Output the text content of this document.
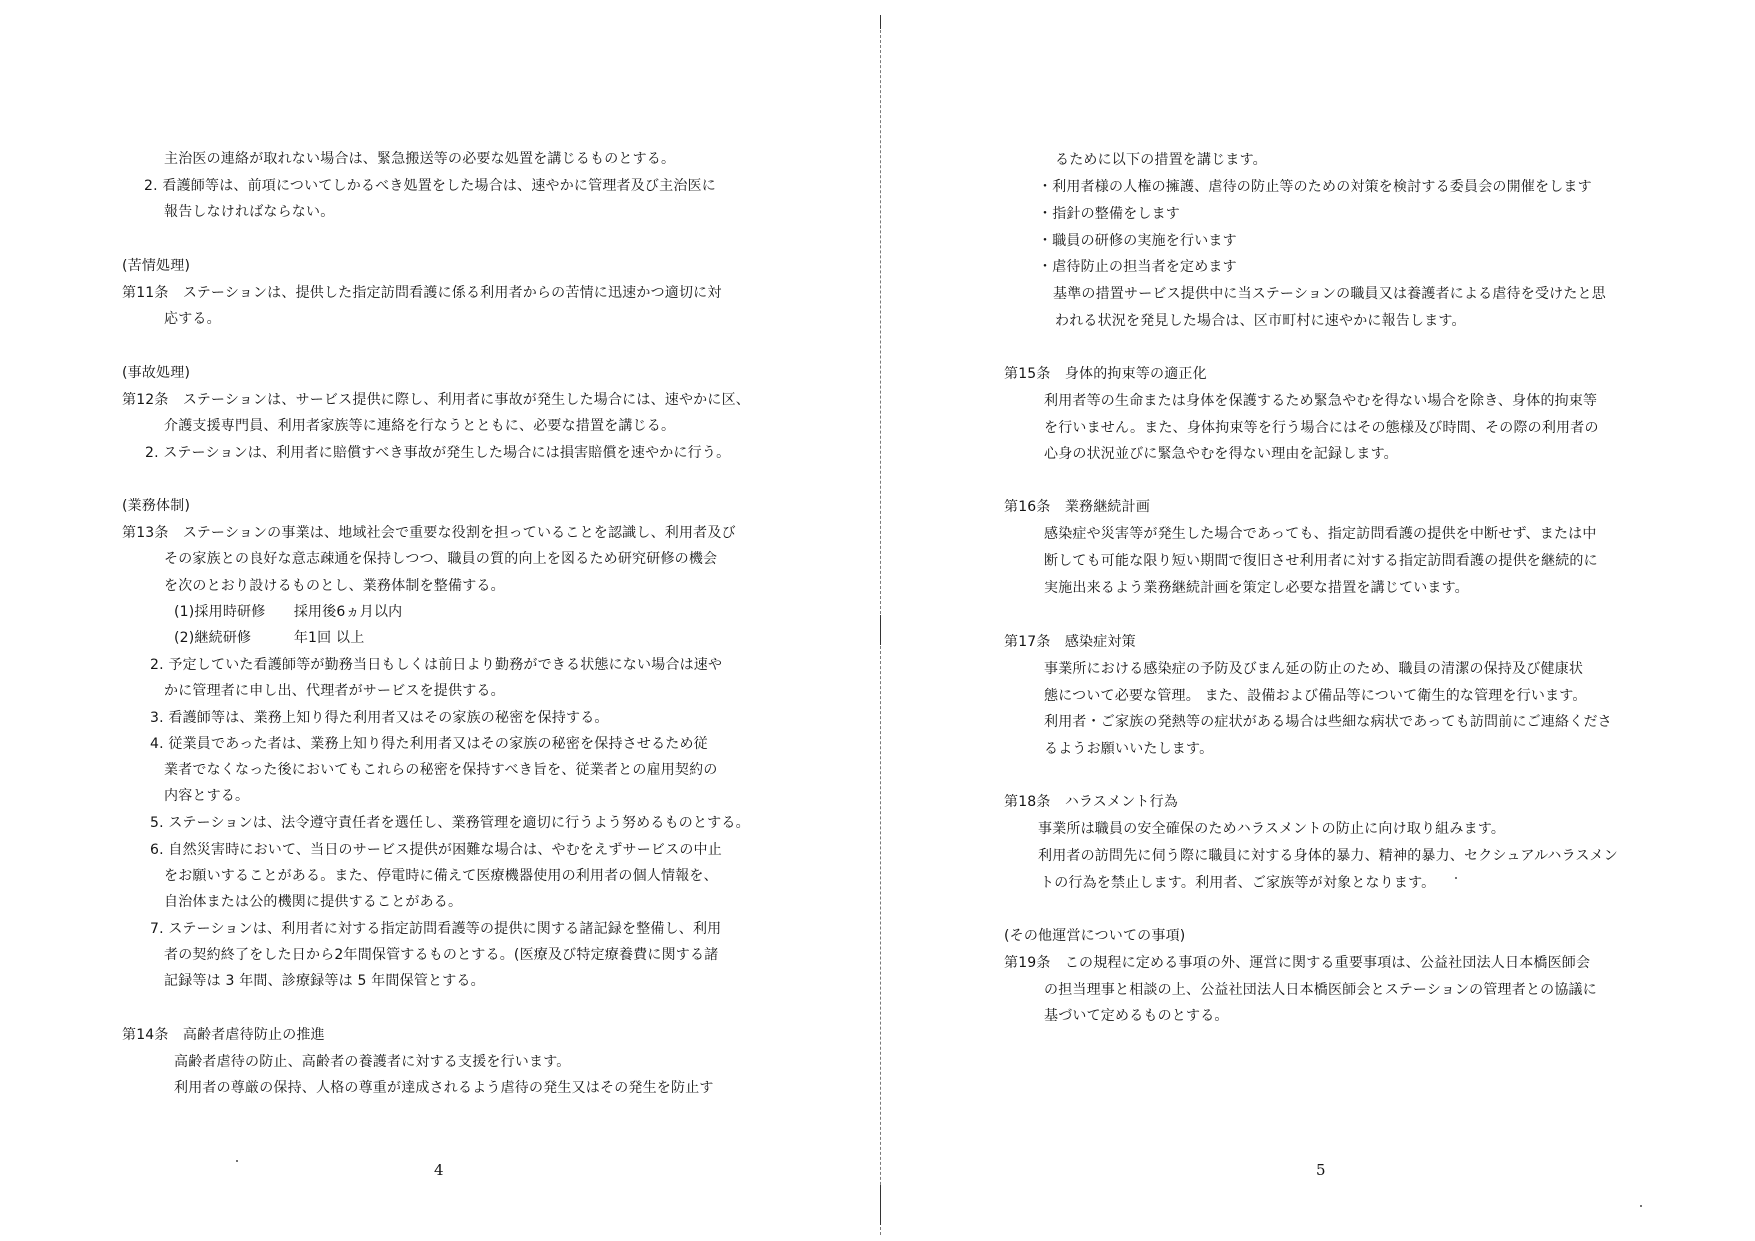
主治医の連絡が取れない場合は、緊急搬送等の必要な処置を講じるものとする。
2. 看護師等は、前項についてしかるべき処置をした場合は、速やかに管理者及び主治医に
報告しなければならない。
(苦情処理)
第11条　ステーションは、提供した指定訪問看護に係る利用者からの苦情に迅速かつ適切に対
応する。
(事故処理)
第12条　ステーションは、サービス提供に際し、利用者に事故が発生した場合には、速やかに区、
介護支援専門員、利用者家族等に連絡を行なうとともに、必要な措置を講じる。
2. ステーションは、利用者に賠償すべき事故が発生した場合には損害賠償を速やかに行う。
(業務体制)
第13条　ステーションの事業は、地域社会で重要な役割を担っていることを認識し、利用者及び
その家族との良好な意志疎通を保持しつつ、職員の質的向上を図るため研究研修の機会
を次のとおり設けるものとし、業務体制を整備する。
(1)採用時研修　　採用後6ヵ月以内
(2)継続研修　　　年1回 以上
2. 予定していた看護師等が勤務当日もしくは前日より勤務ができる状態にない場合は速や
かに管理者に申し出、代理者がサービスを提供する。
3. 看護師等は、業務上知り得た利用者又はその家族の秘密を保持する。
4. 従業員であった者は、業務上知り得た利用者又はその家族の秘密を保持させるため従
業者でなくなった後においてもこれらの秘密を保持すべき旨を、従業者との雇用契約の
内容とする。
5. ステーションは、法令遵守責任者を選任し、業務管理を適切に行うよう努めるものとする。
6. 自然災害時において、当日のサービス提供が困難な場合は、やむをえずサービスの中止
をお願いすることがある。また、停電時に備えて医療機器使用の利用者の個人情報を、
自治体または公的機関に提供することがある。
7. ステーションは、利用者に対する指定訪問看護等の提供に関する諸記録を整備し、利用
者の契約終了をした日から2年間保管するものとする。(医療及び特定療養費に関する諸
記録等は 3 年間、診療録等は 5 年間保管とする。
第14条　高齢者虐待防止の推進
高齢者虐待の防止、高齢者の養護者に対する支援を行います。
利用者の尊厳の保持、人格の尊重が達成されるよう虐待の発生又はその発生を防止す
4
るために以下の措置を講じます。
・利用者様の人権の擁護、虐待の防止等のための対策を検討する委員会の開催をします
・指針の整備をします
・職員の研修の実施を行います
・虐待防止の担当者を定めます
基準の措置サービス提供中に当ステーションの職員又は養護者による虐待を受けたと思
われる状況を発見した場合は、区市町村に速やかに報告します。
第15条　身体的拘束等の適正化
利用者等の生命または身体を保護するため緊急やむを得ない場合を除き、身体的拘束等
を行いません。また、身体拘束等を行う場合にはその態様及び時間、その際の利用者の
心身の状況並びに緊急やむを得ない理由を記録します。
第16条　業務継続計画
感染症や災害等が発生した場合であっても、指定訪問看護の提供を中断せず、または中
断しても可能な限り短い期間で復旧させ利用者に対する指定訪問看護の提供を継続的に
実施出来るよう業務継続計画を策定し必要な措置を講じています。
第17条　感染症対策
事業所における感染症の予防及びまん延の防止のため、職員の清潔の保持及び健康状
態について必要な管理。 また、設備および備品等について衛生的な管理を行います。
利用者・ご家族の発熱等の症状がある場合は些細な病状であっても訪問前にご連絡くださ
るようお願いいたします。
第18条　ハラスメント行為
事業所は職員の安全確保のためハラスメントの防止に向け取り組みます。
利用者の訪問先に伺う際に職員に対する身体的暴力、精神的暴力、セクシュアルハラスメン
トの行為を禁止します。利用者、ご家族等が対象となります。
(その他運営についての事項)
第19条　この規程に定める事項の外、運営に関する重要事項は、公益社団法人日本橋医師会
の担当理事と相談の上、公益社団法人日本橋医師会とステーションの管理者との協議に
基づいて定めるものとする。
5
